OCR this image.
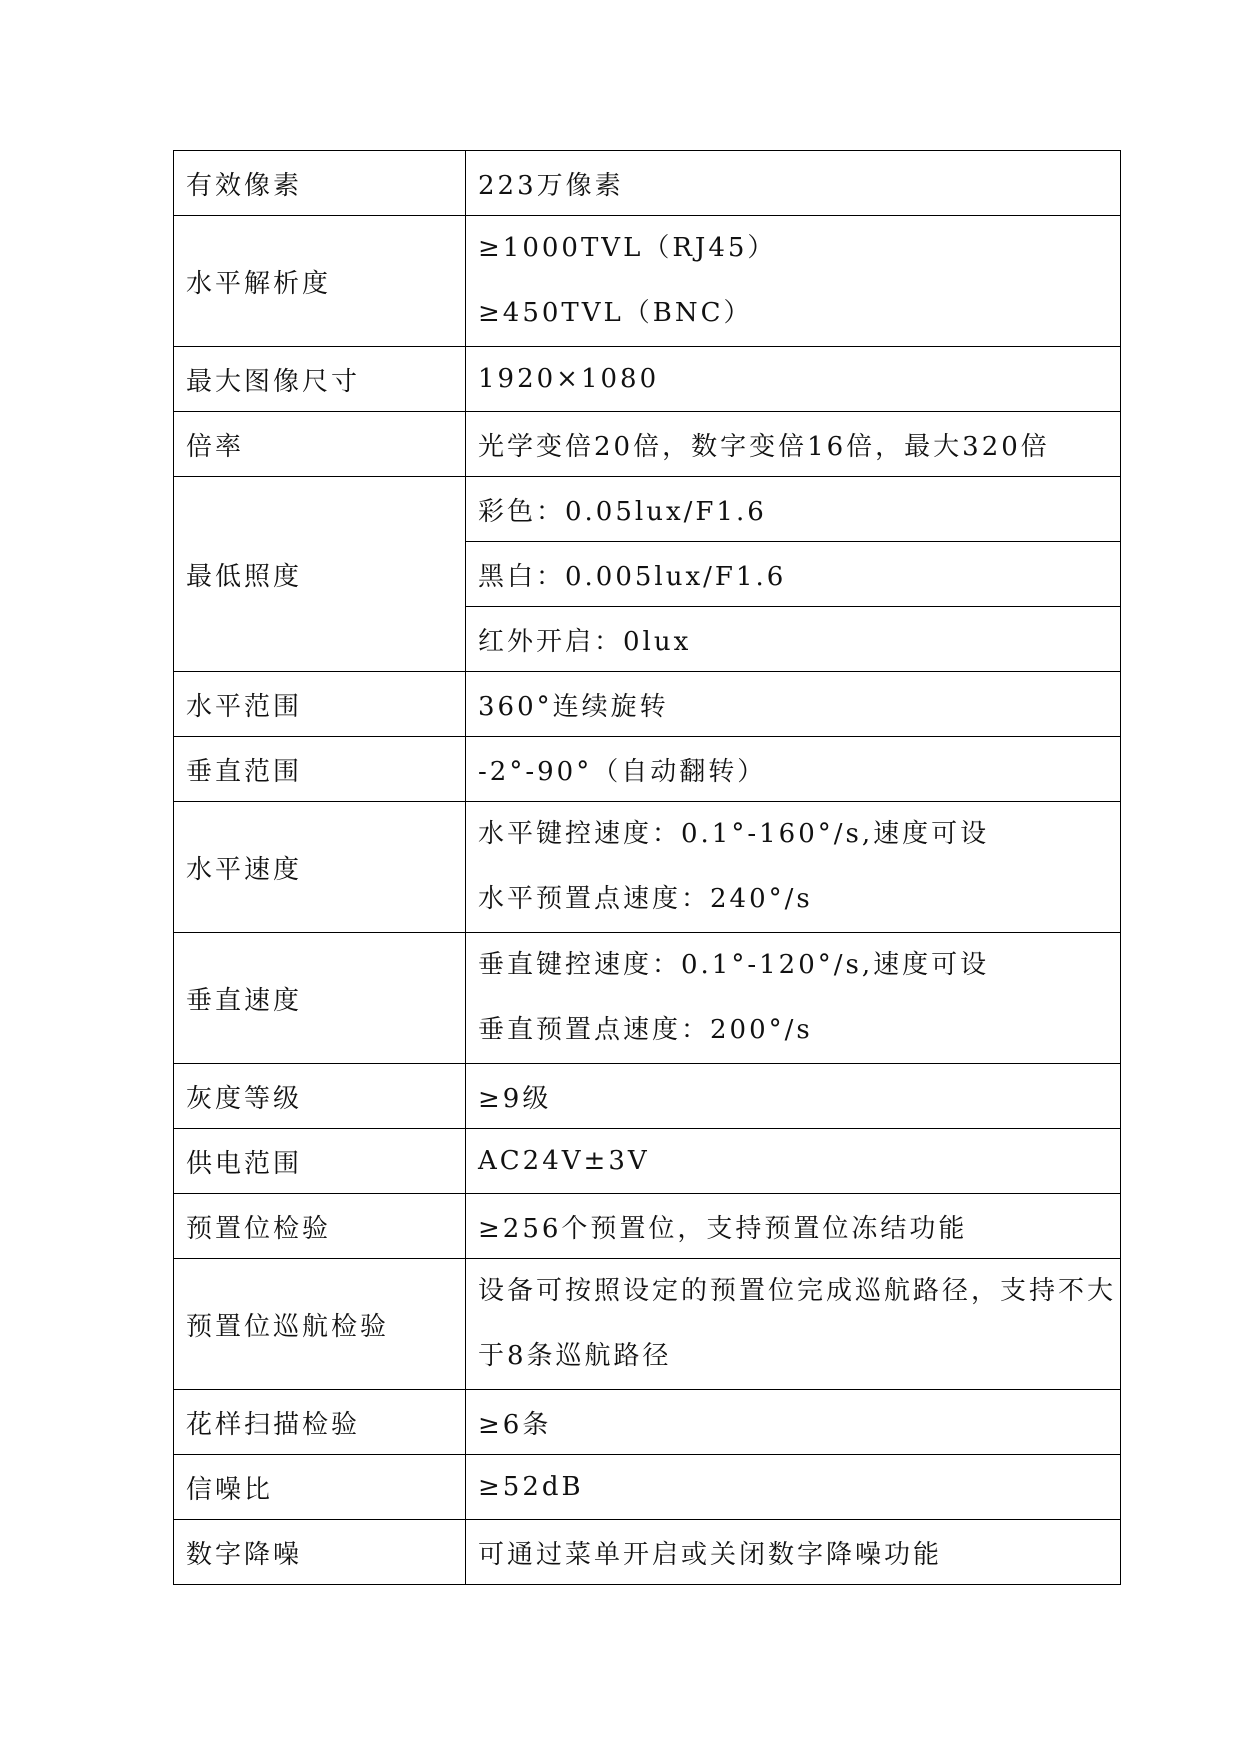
有效像素	223万像素
水平解析度	≥1000TVL（RJ45）
≥450TVL（BNC）

最大图像尺寸	1920×1080
倍率	光学变倍20倍，数字变倍16倍，最大320倍
最低照度	彩色：0.05lux/F1.6
	黑白：0.005lux/F1.6
	红外开启：0lux
水平范围	360°连续旋转
垂直范围	-2°-90°（自动翻转）
水平速度	水平键控速度：0.1°-160°/s,速度可设
水平预置点速度：240°/s

垂直速度	垂直键控速度：0.1°-120°/s,速度可设
垂直预置点速度：200°/s

灰度等级	≥9级
供电范围	AC24V±3V
预置位检验	≥256个预置位，支持预置位冻结功能
预置位巡航检验	设备可按照设定的预置位完成巡航路径，支持不大
于8条巡航路径

花样扫描检验	≥6条
信噪比	≥52dB
数字降噪	可通过菜单开启或关闭数字降噪功能
